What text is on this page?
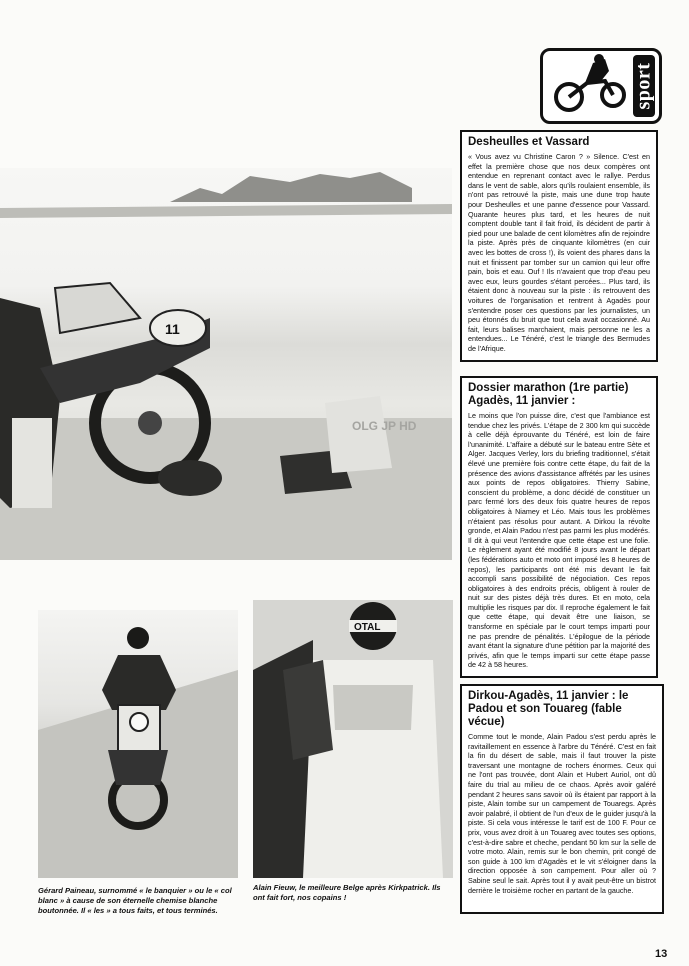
11
OLG JP HD
sport
Desheulles et Vassard

« Vous avez vu Christine Caron ? » Silence. C'est en effet la première chose que nos deux compères ont entendue en reprenant contact avec le rallye. Perdus dans le vent de sable, alors qu'ils roulaient ensemble, ils n'ont pas retrouvé la piste, mais une dune trop haute pour Desheulles et une panne d'essence pour Vassard. Quarante heures plus tard, et les heures de nuit comptent double tant il fait froid, ils décident de partir à pied pour une balade de cent kilomètres afin de rejoindre la piste. Après près de cinquante kilomètres (en cuir avec les bottes de cross !), ils voient des phares dans la nuit et finissent par tomber sur un camion qui leur offre pain, bois et eau. Ouf ! Ils n'avaient que trop d'eau peu avec eux, leurs gourdes s'étant percées... Plus tard, ils étaient donc à nouveau sur la piste : ils retrouvent des voitures de l'organisation et rentrent à Agadès pour s'entendre poser ces questions par les journalistes, un peu étonnés du bruit que tout cela avait occasionné. Au fait, leurs balises marchaient, mais personne ne les a entendues... Le Ténéré, c'est le triangle des Bermudes de l'Afrique.

Dossier marathon (1re partie) Agadès, 11 janvier :

Le moins que l'on puisse dire, c'est que l'ambiance est tendue chez les privés. L'étape de 2 300 km qui succède à celle déjà éprouvante du Ténéré, est loin de faire l'unanimité. L'affaire a débuté sur le bateau entre Sète et Alger. Jacques Verley, lors du briefing traditionnel, s'était élevé une première fois contre cette étape, du fait de la présence des avions d'assistance affrétés par les usines aux points de repos obligatoires. Thierry Sabine, conscient du problème, a donc décidé de constituer un parc fermé lors des deux fois quatre heures de repos obligatoires à Niamey et Léo. Mais tous les problèmes n'étaient pas résolus pour autant. A Dirkou la révolte gronde, et Alain Padou n'est pas parmi les plus modérés. Il dit à qui veut l'entendre que cette étape est une folie. Le règlement ayant été modifié 8 jours avant le départ (les fédérations auto et moto ont imposé les 8 heures de repos), les participants ont été mis devant le fait accompli sans possibilité de négociation. Ces repos obligatoires à des endroits précis, obligent à rouler de nuit sur des pistes déjà très dures. Et en moto, cela multiplie les risques par dix. Il reproche également le fait que cette étape, qui devait être une liaison, se transforme en spéciale par le court temps imparti pour ne pas prendre de pénalités. L'épilogue de la période avant étant la signature d'une pétition par la majorité des privés, afin que le temps imparti sur cette étape passe de 42 à 58 heures.

OTAL
Gérard Paineau, surnommé « le banquier » ou le « col blanc » à cause de son éternelle chemise blanche boutonnée. Il « les » a tous faits, et tous terminés.
Alain Fieuw, le meilleure Belge après Kirkpatrick. Ils ont fait fort, nos copains !
Dirkou-Agadès, 11 janvier : le Padou et son Touareg (fable vécue)

Comme tout le monde, Alain Padou s'est perdu après le ravitaillement en essence à l'arbre du Ténéré. C'est en fait la fin du désert de sable, mais il faut trouver la piste traversant une montagne de rochers énormes. Ceux qui ne l'ont pas trouvée, dont Alain et Hubert Auriol, ont dû faire du trial au milieu de ce chaos. Après avoir galéré pendant 2 heures sans savoir où ils étaient par rapport à la piste, Alain tombe sur un campement de Touaregs. Après avoir palabré, il obtient de l'un d'eux de le guider jusqu'à la piste. Si cela vous intéresse le tarif est de 100 F. Pour ce prix, vous avez droit à un Touareg avec toutes ses options, c'est-à-dire sabre et cheche, pendant 50 km sur la selle de votre moto. Alain, remis sur le bon chemin, prit congé de son guide à 100 km d'Agadès et le vit s'éloigner dans la direction opposée à son campement. Pour aller où ? Sabine seul le sait. Après tout il y avait peut-être un bistrot derrière le troisième rocher en partant de la gauche.

13
